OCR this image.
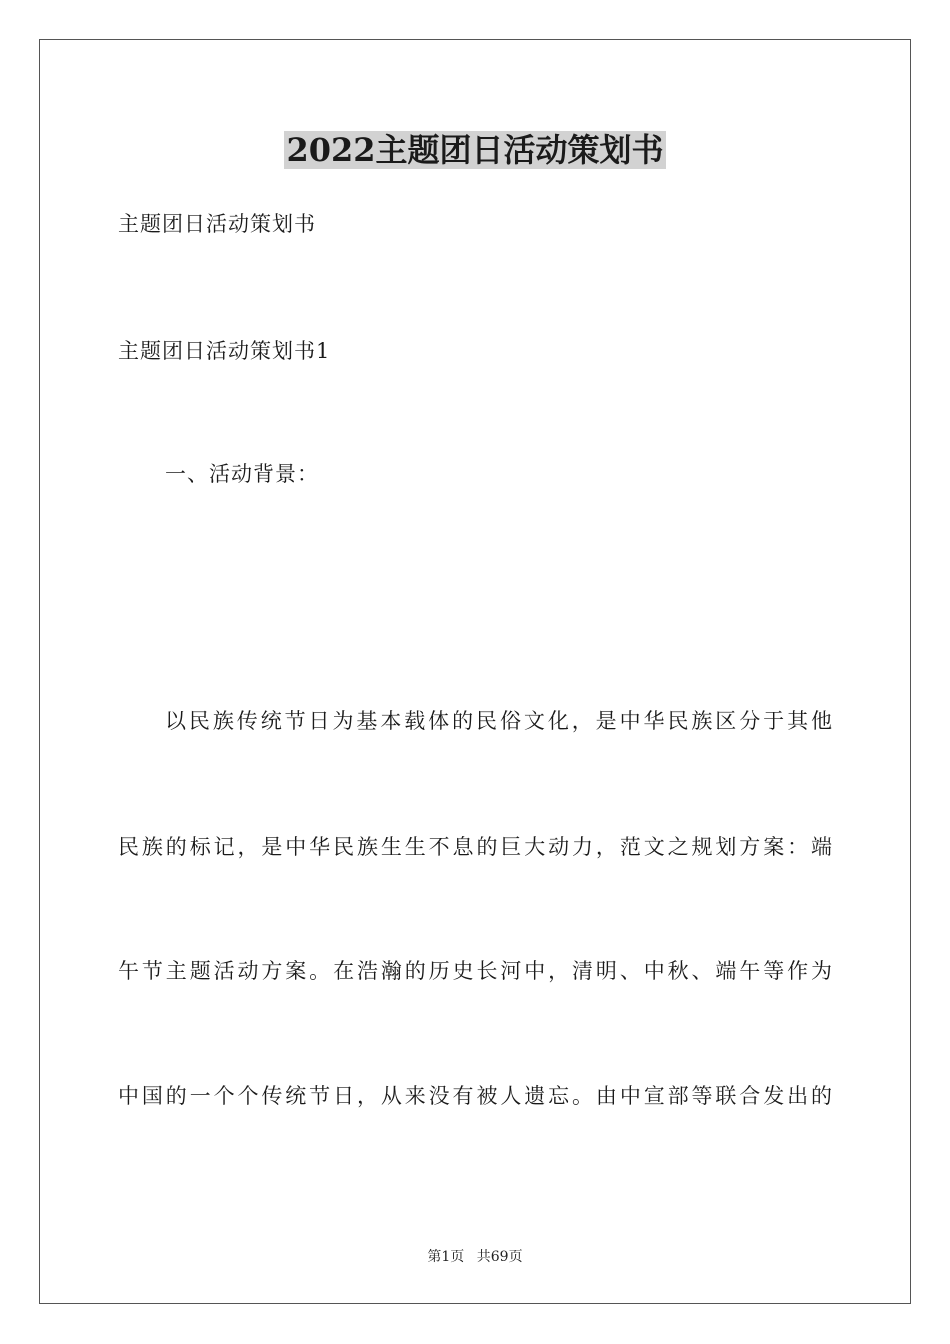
2022主题团日活动策划书
主题团日活动策划书
主题团日活动策划书1
一、活动背景：
以民族传统节日为基本载体的民俗文化，是中华民族区分于其他
民族的标记，是中华民族生生不息的巨大动力，范文之规划方案：端
午节主题活动方案。在浩瀚的历史长河中，清明、中秋、端午等作为
中国的一个个传统节日，从来没有被人遗忘。由中宣部等联合发出的
第1页 共69页
